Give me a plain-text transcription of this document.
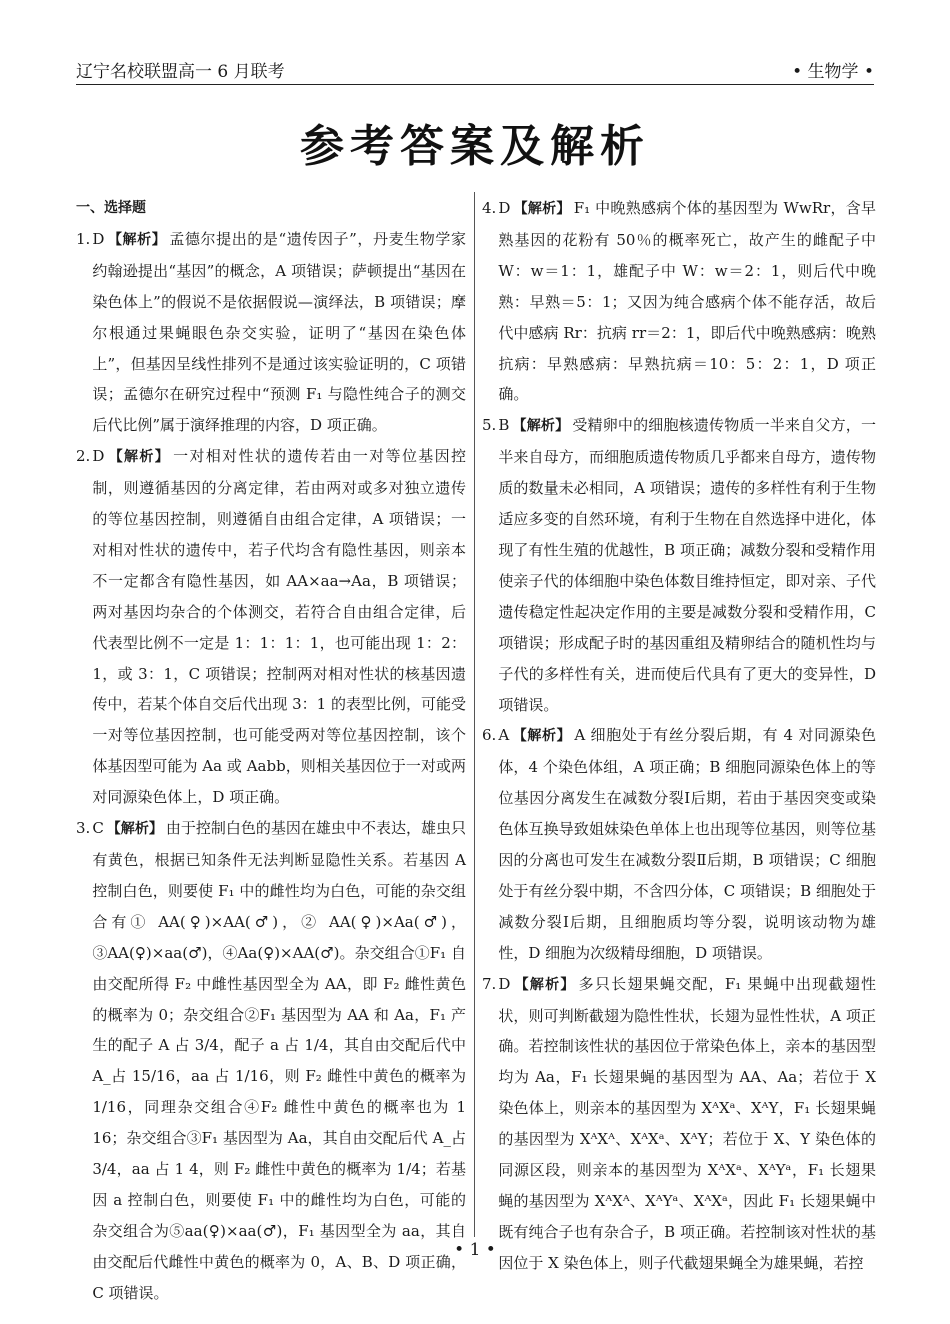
辽宁名校联盟高一 6 月联考	• 生物学 •
参考答案及解析
一、选择题
1. D 【解析】 孟德尔提出的是“遗传因子”，丹麦生物学家约翰逊提出“基因”的概念，A 项错误；萨顿提出“基因在染色体上”的假说不是依据假说—演绎法，B 项错误；摩尔根通过果蝇眼色杂交实验，证明了“基因在染色体上”，但基因呈线性排列不是通过该实验证明的，C 项错误；孟德尔在研究过程中“预测 F₁ 与隐性纯合子的测交后代比例”属于演绎推理的内容，D 项正确。
2. D 【解析】 一对相对性状的遗传若由一对等位基因控制，则遵循基因的分离定律，若由两对或多对独立遗传的等位基因控制，则遵循自由组合定律，A 项错误；一对相对性状的遗传中，若子代均含有隐性基因，则亲本不一定都含有隐性基因，如 AA×aa→Aa，B 项错误；两对基因均杂合的个体测交，若符合自由组合定律，后代表型比例不一定是 1：1：1：1，也可能出现 1：2：1，或 3：1，C 项错误；控制两对相对性状的核基因遗传中，若某个体自交后代出现 3：1 的表型比例，可能受一对等位基因控制，也可能受两对等位基因控制，该个体基因型可能为 Aa 或 Aabb，则相关基因位于一对或两对同源染色体上，D 项正确。
3. C 【解析】 由于控制白色的基因在雄虫中不表达，雄虫只有黄色，根据已知条件无法判断显隐性关系。若基因 A 控制白色，则要使 F₁ 中的雌性均为白色，可能的杂交组合有① AA(♀)×AA(♂)，② AA(♀)×Aa(♂)，③AA(♀)×aa(♂)，④Aa(♀)×AA(♂)。杂交组合①F₁ 自由交配所得 F₂ 中雌性基因型全为 AA，即 F₂ 雌性黄色的概率为 0；杂交组合②F₁ 基因型为 AA 和 Aa，F₁ 产生的配子 A 占 3/4，配子 a 占 1/4，其自由交配后代中 A_占 15/16，aa 占 1/16，则 F₂ 雌性中黄色的概率为 1/16，同理杂交组合④F₂ 雌性中黄色的概率也为 1 16；杂交组合③F₁ 基因型为 Aa，其自由交配后代 A_占 3/4，aa 占 1 4，则 F₂ 雌性中黄色的概率为 1/4；若基因 a 控制白色，则要使 F₁ 中的雌性均为白色，可能的杂交组合为⑤aa(♀)×aa(♂)，F₁ 基因型全为 aa，其自由交配后代雌性中黄色的概率为 0，A、B、D 项正确，C 项错误。
4. D 【解析】 F₁ 中晚熟感病个体的基因型为 WwRr，含早熟基因的花粉有 50％的概率死亡，故产生的雌配子中 W：w＝1：1，雄配子中 W：w＝2：1，则后代中晚熟：早熟＝5：1；又因为纯合感病个体不能存活，故后代中感病 Rr：抗病 rr＝2：1，即后代中晚熟感病：晚熟抗病：早熟感病：早熟抗病＝10：5：2：1，D 项正确。
5. B 【解析】 受精卵中的细胞核遗传物质一半来自父方，一半来自母方，而细胞质遗传物质几乎都来自母方，遗传物质的数量未必相同，A 项错误；遗传的多样性有利于生物适应多变的自然环境，有利于生物在自然选择中进化，体现了有性生殖的优越性，B 项正确；减数分裂和受精作用使亲子代的体细胞中染色体数目维持恒定，即对亲、子代遗传稳定性起决定作用的主要是减数分裂和受精作用，C 项错误；形成配子时的基因重组及精卵结合的随机性均与子代的多样性有关，进而使后代具有了更大的变异性，D 项错误。
6. A 【解析】 A 细胞处于有丝分裂后期，有 4 对同源染色体，4 个染色体组，A 项正确；B 细胞同源染色体上的等位基因分离发生在减数分裂Ⅰ后期，若由于基因突变或染色体互换导致姐妹染色单体上也出现等位基因，则等位基因的分离也可发生在减数分裂Ⅱ后期，B 项错误；C 细胞处于有丝分裂中期，不含四分体，C 项错误；B 细胞处于减数分裂Ⅰ后期，且细胞质均等分裂，说明该动物为雄性，D 细胞为次级精母细胞，D 项错误。
7. D 【解析】 多只长翅果蝇交配，F₁ 果蝇中出现截翅性状，则可判断截翅为隐性性状，长翅为显性性状，A 项正确。若控制该性状的基因位于常染色体上，亲本的基因型均为 Aa，F₁ 长翅果蝇的基因型为 AA、Aa；若位于 X 染色体上，则亲本的基因型为 XᴬXᵃ、XᴬY，F₁ 长翅果蝇的基因型为 XᴬXᴬ、XᴬXᵃ、XᴬY；若位于 X、Y 染色体的同源区段，则亲本的基因型为 XᴬXᵃ、XᴬYᵃ，F₁ 长翅果蝇的基因型为 XᴬXᴬ、XᴬYᵃ、XᴬXᵃ，因此 F₁ 长翅果蝇中既有纯合子也有杂合子，B 项正确。若控制该对性状的基因位于 X 染色体上，则子代截翅果蝇全为雄果蝇，若控
• 1 •
